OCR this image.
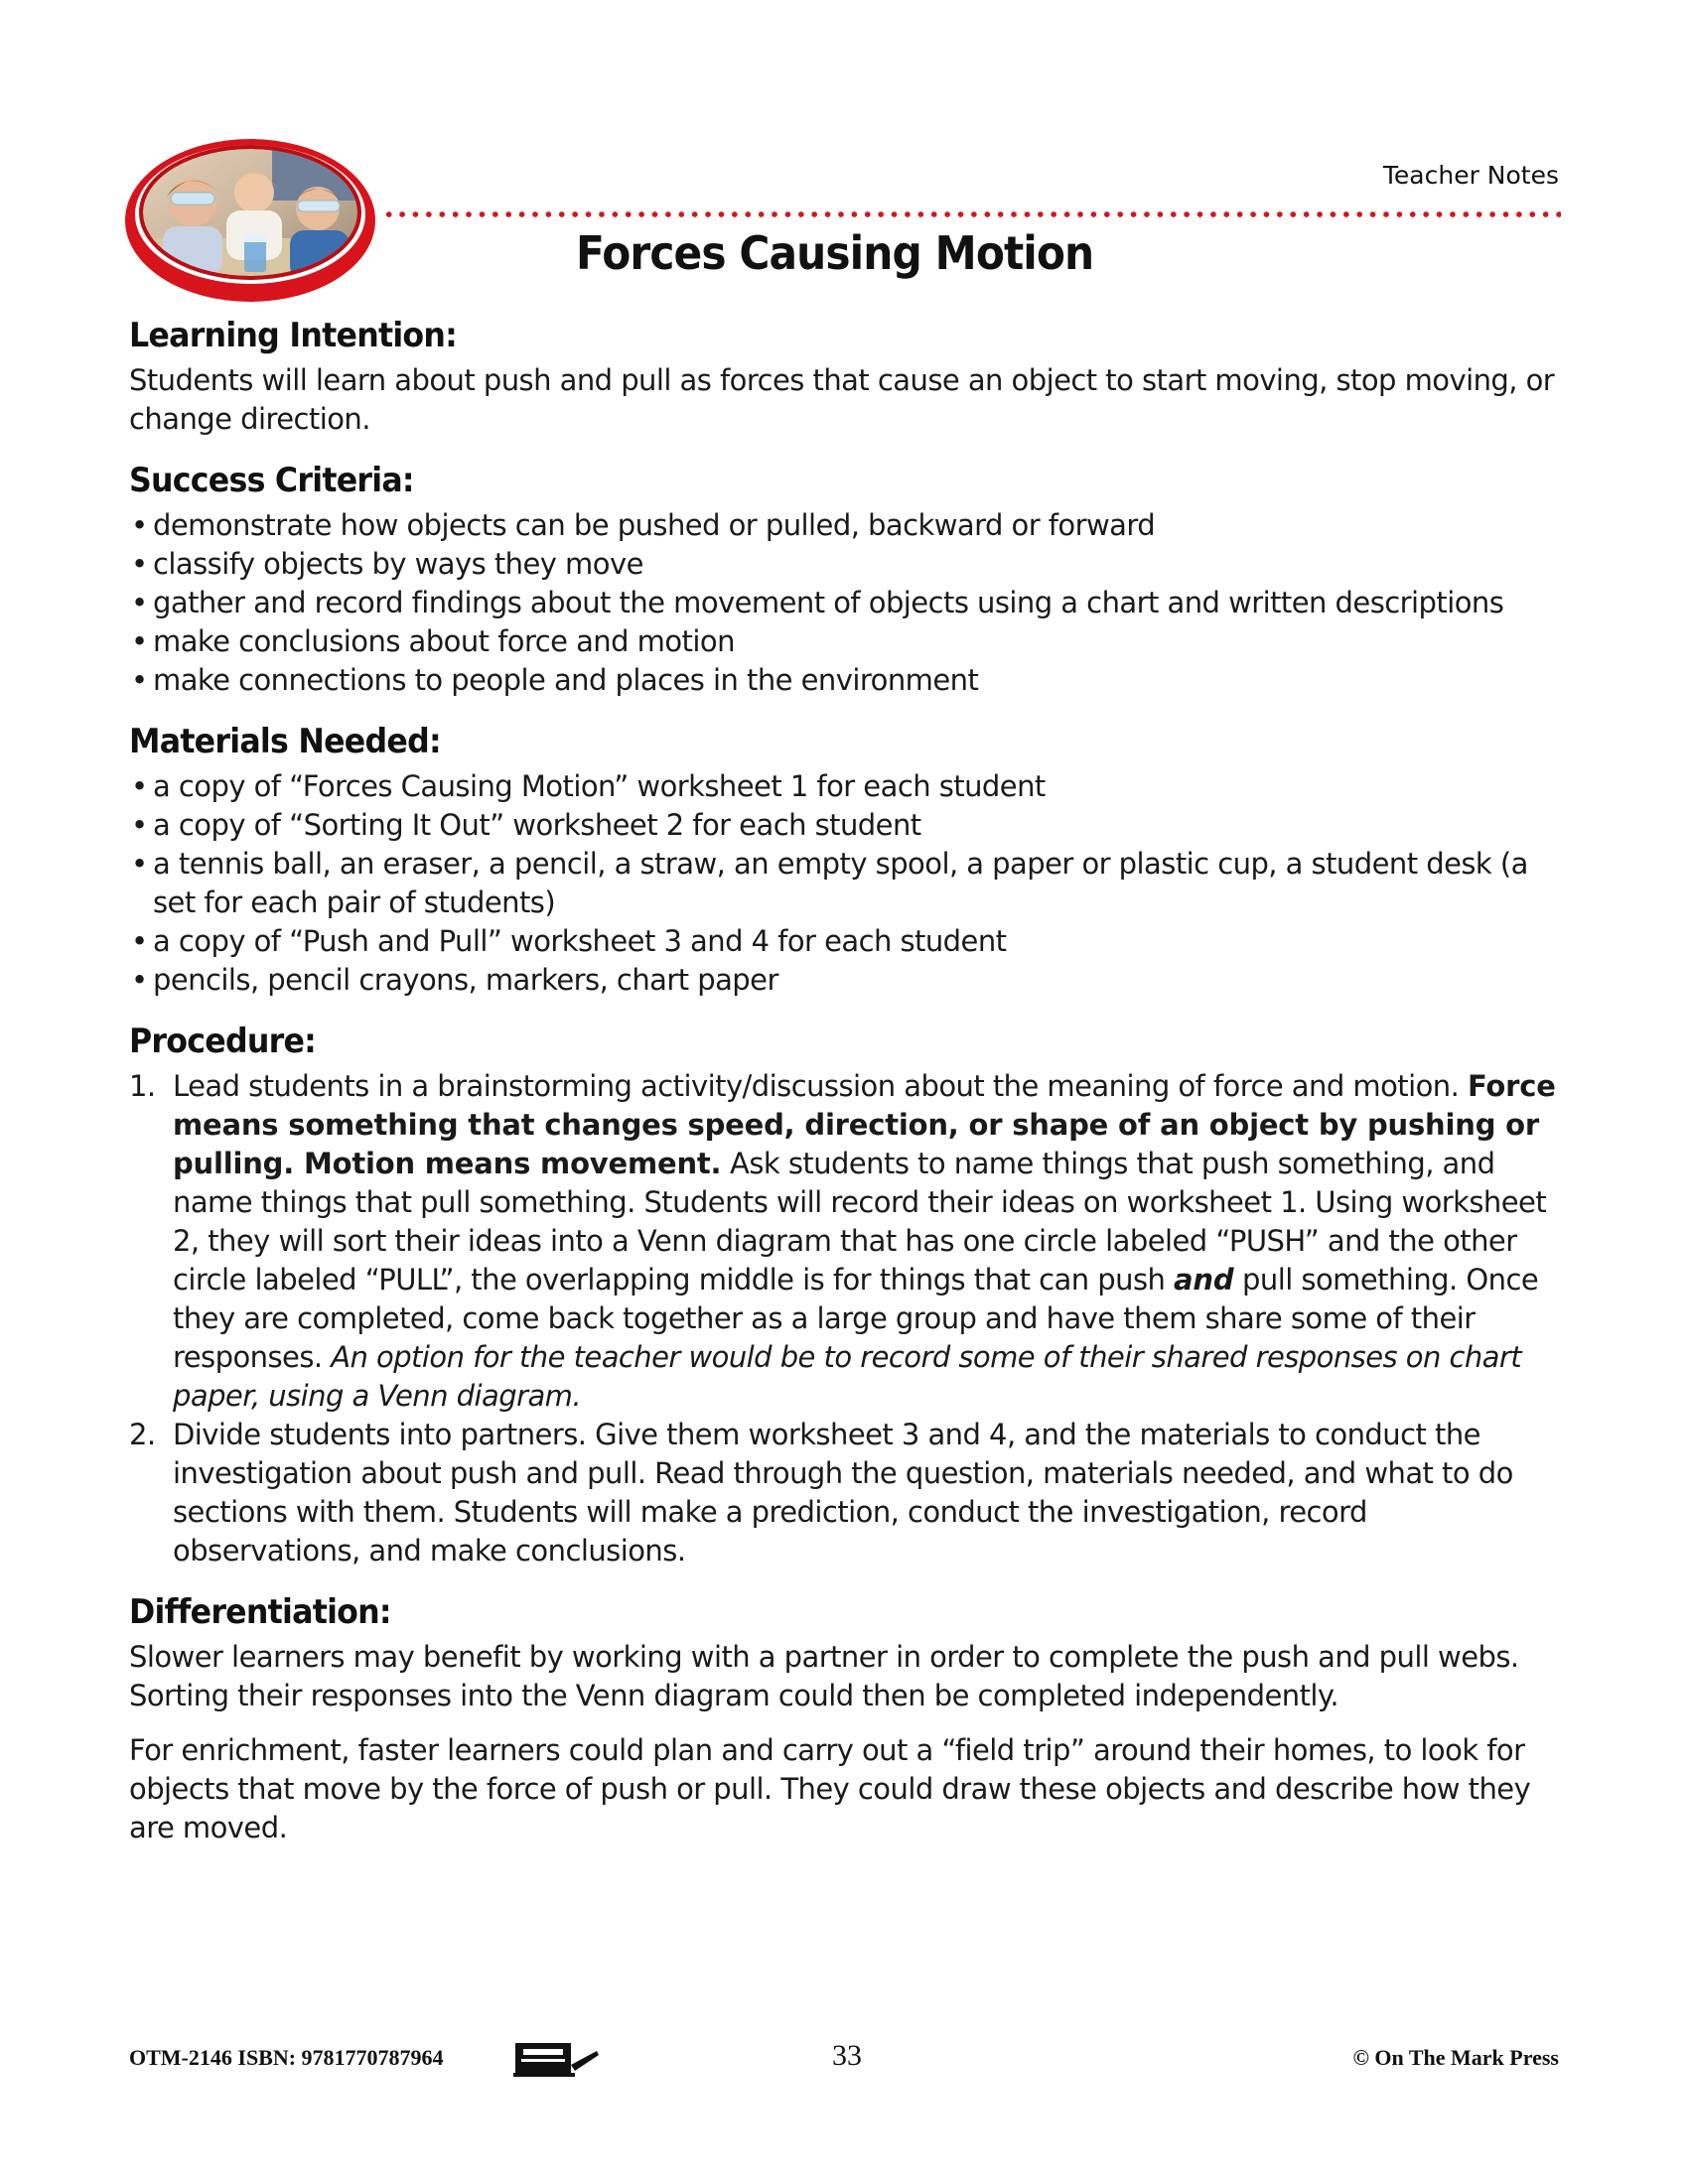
Teacher Notes
Forces Causing Motion
Learning Intention:

Students will learn about push and pull as forces that cause an object to start moving, stop moving, or change direction.

Success Criteria:
• demonstrate how objects can be pushed or pulled, backward or forward
• classify objects by ways they move
• gather and record findings about the movement of objects using a chart and written descriptions
• make conclusions about force and motion
• make connections to people and places in the environment
Materials Needed:
• a copy of “Forces Causing Motion” worksheet 1 for each student
• a copy of “Sorting It Out” worksheet 2 for each student
• a tennis ball, an eraser, a pencil, a straw, an empty spool, a paper or plastic cup, a student desk (a set for each pair of students)
• a copy of “Push and Pull” worksheet 3 and 4 for each student
• pencils, pencil crayons, markers, chart paper
Procedure:
1. Lead students in a brainstorming activity/discussion about the meaning of force and motion. Force means something that changes speed, direction, or shape of an object by pushing or pulling. Motion means movement. Ask students to name things that push something, and name things that pull something. Students will record their ideas on worksheet 1. Using worksheet 2, they will sort their ideas into a Venn diagram that has one circle labeled “PUSH” and the other circle labeled “PULL”, the overlapping middle is for things that can push and pull something. Once they are completed, come back together as a large group and have them share some of their responses. An option for the teacher would be to record some of their shared responses on chart paper, using a Venn diagram.
2. Divide students into partners. Give them worksheet 3 and 4, and the materials to conduct the investigation about push and pull. Read through the question, materials needed, and what to do sections with them. Students will make a prediction, conduct the investigation, record observations, and make conclusions.
Differentiation:

Slower learners may benefit by working with a partner in order to complete the push and pull webs. Sorting their responses into the Venn diagram could then be completed independently.

For enrichment, faster learners could plan and carry out a “field trip” around their homes, to look for objects that move by the force of push or pull. They could draw these objects and describe how they are moved.

OTM-2146 ISBN: 9781770787964	33	© On The Mark Press
